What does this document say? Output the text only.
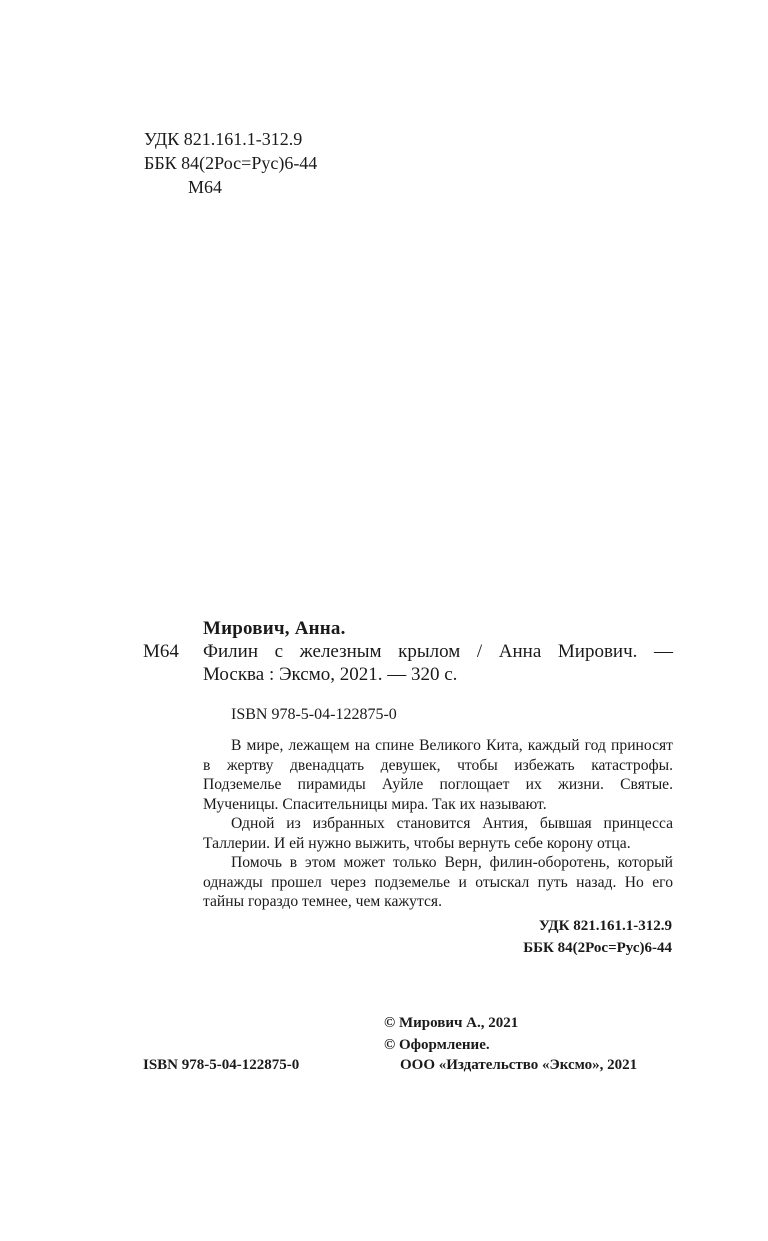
УДК 821.161.1-312.9
ББК 84(2Рос=Рус)6-44
М64
Мирович, Анна.
М64 Филин с железным крылом / Анна Мирович. —
Москва : Эксмо, 2021. — 320 с.
ISBN 978-5-04-122875-0

В мире, лежащем на спине Великого Кита, каждый год приносят в жертву двенадцать девушек, чтобы избежать катастрофы. Подземелье пирамиды Ауйле поглощает их жизни. Святые. Мученицы. Спасительницы мира. Так их называют.

Одной из избранных становится Антия, бывшая принцесса Таллерии. И ей нужно выжить, чтобы вернуть себе корону отца.

Помочь в этом может только Верн, филин-оборотень, который однажды прошел через подземелье и отыскал путь назад. Но его тайны гораздо темнее, чем кажутся.

УДК 821.161.1-312.9
ББК 84(2Рос=Рус)6-44
© Мирович А., 2021
© Оформление.
ООО «Издательство «Эксмо», 2021
ISBN 978-5-04-122875-0
